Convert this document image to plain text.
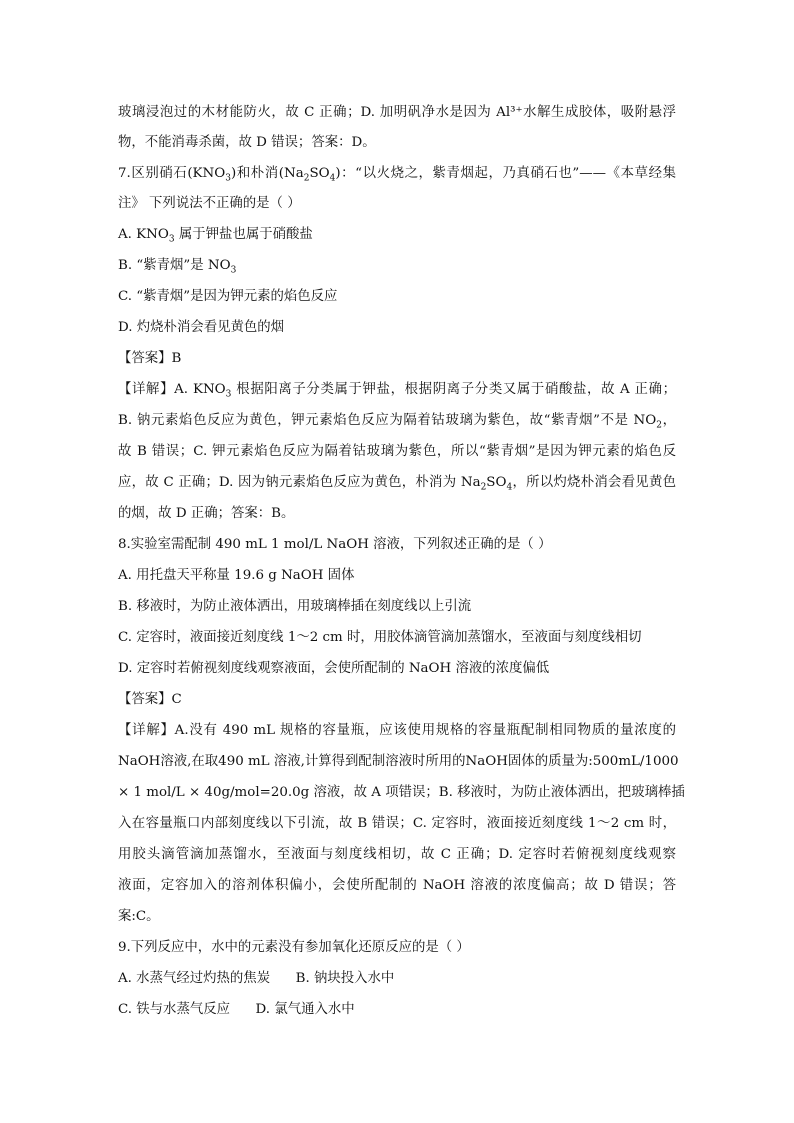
玻璃浸泡过的木材能防火，故 C 正确；D. 加明矾净水是因为 Al³⁺水解生成胶体，吸附悬浮
物，不能消毒杀菌，故 D 错误；答案：D。
7.区别硝石$(KNO_3)$和朴消$(Na_2SO_4)$：“以火烧之，紫青烟起，乃真硝石也”——《本草经集
注》 下列说法不正确的是（ ）
A. $KNO_3$ 属于钾盐也属于硝酸盐
B. “紫青烟”是 $NO_3$
C. “紫青烟”是因为钾元素的焰色反应
D. 灼烧朴消会看见黄色的烟
【答案】B
【详解】A. $KNO_3$ 根据阳离子分类属于钾盐，根据阴离子分类又属于硝酸盐，故 A 正确；
B. 钠元素焰色反应为黄色，钾元素焰色反应为隔着钴玻璃为紫色，故“紫青烟”不是 $NO_2$，
故 B 错误；C. 钾元素焰色反应为隔着钴玻璃为紫色，所以“紫青烟”是因为钾元素的焰色反
应，故 C 正确；D. 因为钠元素焰色反应为黄色，朴消为 $Na_2SO_4$，所以灼烧朴消会看见黄色
的烟，故 D 正确；答案：B。
8.实验室需配制 490 mL 1 mol/L NaOH 溶液，下列叙述正确的是（ ）
A. 用托盘天平称量 19.6 g NaOH 固体
B. 移液时，为防止液体洒出，用玻璃棒插在刻度线以上引流
C. 定容时，液面接近刻度线 1～2 cm 时，用胶体滴管滴加蒸馏水，至液面与刻度线相切
D. 定容时若俯视刻度线观察液面，会使所配制的 NaOH 溶液的浓度偏低
【答案】C
【详解】A.没有 490 mL 规格的容量瓶，应该使用规格的容量瓶配制相同物质的量浓度的
NaOH溶液,在取490 mL 溶液,计算得到配制溶液时所用的NaOH固体的质量为:500mL/1000
× 1 mol/L × 40g/mol=20.0g 溶液，故 A 项错误；B. 移液时，为防止液体洒出，把玻璃棒插
入在容量瓶口内部刻度线以下引流，故 B 错误；C. 定容时，液面接近刻度线 1～2 cm 时，
用胶头滴管滴加蒸馏水，至液面与刻度线相切，故 C 正确；D. 定容时若俯视刻度线观察
液面，定容加入的溶剂体积偏小，会使所配制的 NaOH 溶液的浓度偏高；故 D 错误；答
案:C。
9.下列反应中，水中的元素没有参加氧化还原反应的是（ ）
A. 水蒸气经过灼热的焦炭      B. 钠块投入水中
C. 铁与水蒸气反应      D. 氯气通入水中
